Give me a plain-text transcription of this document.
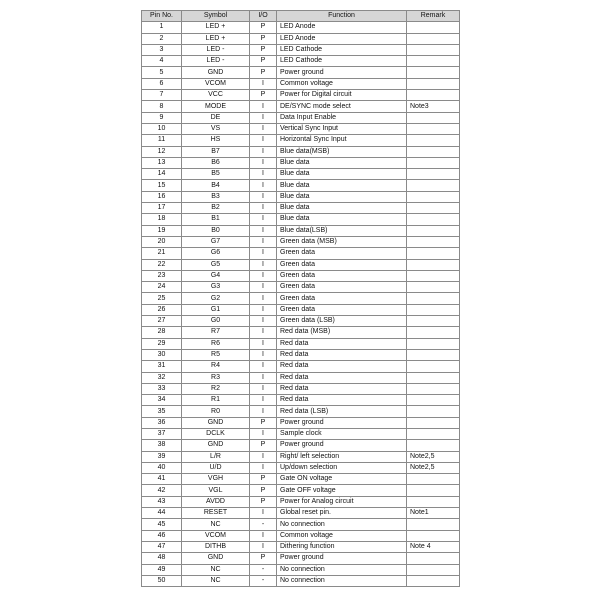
Pin No.	Symbol	I/O	Function	Remark
1	LED +	P	LED Anode	
2	LED +	P	LED Anode	
3	LED -	P	LED Cathode	
4	LED -	P	LED Cathode	
5	GND	P	Power ground	
6	VCOM	I	Common voltage	
7	VCC	P	Power for Digital circuit	
8	MODE	I	DE/SYNC mode select	Note3
9	DE	I	Data Input Enable	
10	VS	I	Vertical Sync Input	
11	HS	I	Horizontal Sync Input	
12	B7	I	Blue data(MSB)	
13	B6	I	Blue data	
14	B5	I	Blue data	
15	B4	I	Blue data	
16	B3	I	Blue data	
17	B2	I	Blue data	
18	B1	I	Blue data	
19	B0	I	Blue data(LSB)	
20	G7	I	Green data (MSB)	
21	G6	I	Green data	
22	G5	I	Green data	
23	G4	I	Green data	
24	G3	I	Green data	
25	G2	I	Green data	
26	G1	I	Green data	
27	G0	I	Green data (LSB)	
28	R7	I	Red data (MSB)	
29	R6	I	Red data	
30	R5	I	Red data	
31	R4	I	Red data	
32	R3	I	Red data	
33	R2	I	Red data	
34	R1	I	Red data	
35	R0	I	Red data (LSB)	
36	GND	P	Power ground	
37	DCLK	I	Sample clock	
38	GND	P	Power ground	
39	L/R	I	Right/ left selection	Note2,5
40	U/D	I	Up/down selection	Note2,5
41	VGH	P	Gate ON voltage	
42	VGL	P	Gate OFF voltage	
43	AVDD	P	Power for Analog circuit	
44	RESET	I	Global reset pin.	Note1
45	NC	-	No connection	
46	VCOM	I	Common voltage	
47	DITHB	I	Dithering function	Note 4
48	GND	P	Power ground	
49	NC	-	No connection	
50	NC	-	No connection	
